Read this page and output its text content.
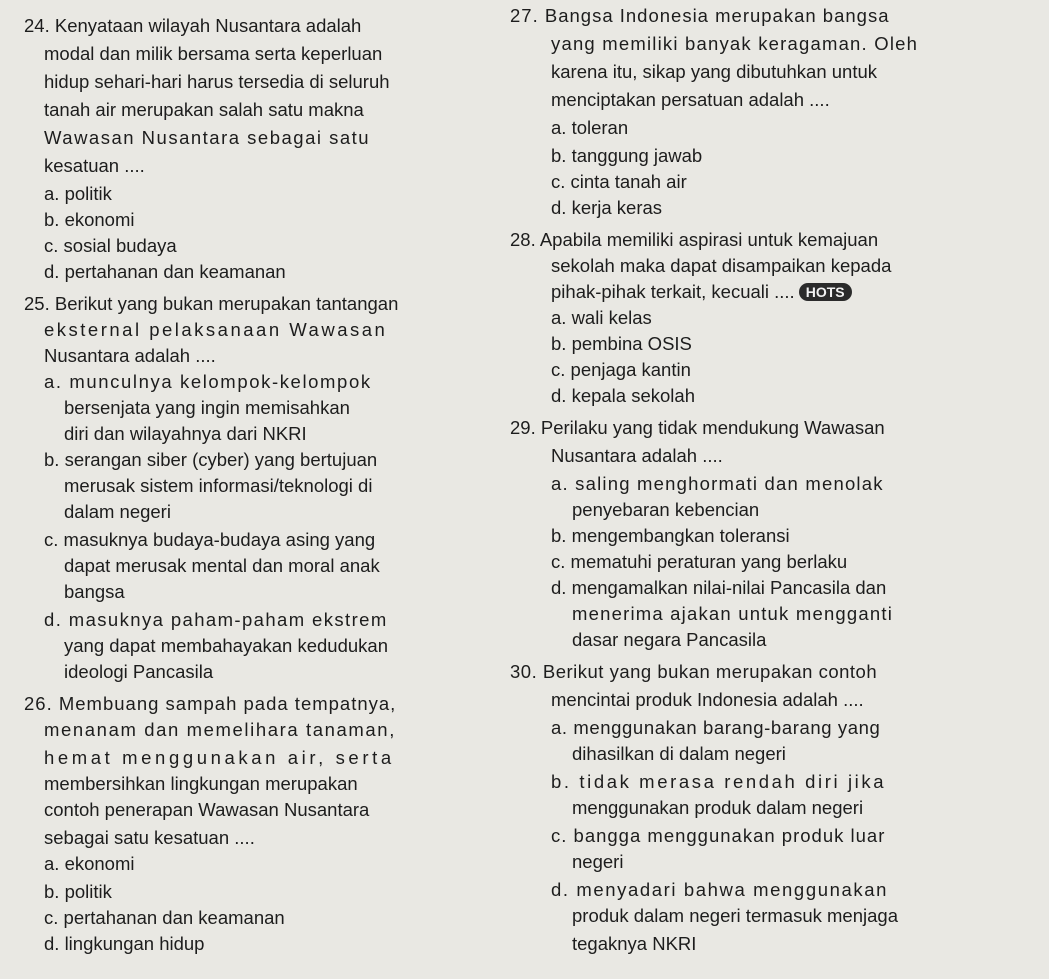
24. Kenyataan wilayah Nusantara adalah
modal dan milik bersama serta keperluan
hidup sehari-hari harus tersedia di seluruh
tanah air merupakan salah satu makna
Wawasan Nusantara sebagai satu
kesatuan ....
a. politik
b. ekonomi
c. sosial budaya
d. pertahanan dan keamanan
25. Berikut yang bukan merupakan tantangan
eksternal pelaksanaan Wawasan
Nusantara adalah ....
a. munculnya kelompok-kelompok
bersenjata yang ingin memisahkan
diri dan wilayahnya dari NKRI
b. serangan siber (cyber) yang bertujuan
merusak sistem informasi/teknologi di
dalam negeri
c. masuknya budaya-budaya asing yang
dapat merusak mental dan moral anak
bangsa
d. masuknya paham-paham ekstrem
yang dapat membahayakan kedudukan
ideologi Pancasila
26. Membuang sampah pada tempatnya,
menanam dan memelihara tanaman,
hemat menggunakan air, serta
membersihkan lingkungan merupakan
contoh penerapan Wawasan Nusantara
sebagai satu kesatuan ....
a. ekonomi
b. politik
c. pertahanan dan keamanan
d. lingkungan hidup
27. Bangsa Indonesia merupakan bangsa
yang memiliki banyak keragaman. Oleh
karena itu, sikap yang dibutuhkan untuk
menciptakan persatuan adalah ....
a. toleran
b. tanggung jawab
c. cinta tanah air
d. kerja keras
28. Apabila memiliki aspirasi untuk kemajuan
sekolah maka dapat disampaikan kepada
pihak-pihak terkait, kecuali .... HOTS
a. wali kelas
b. pembina OSIS
c. penjaga kantin
d. kepala sekolah
29. Perilaku yang tidak mendukung Wawasan
Nusantara adalah ....
a. saling menghormati dan menolak
penyebaran kebencian
b. mengembangkan toleransi
c. mematuhi peraturan yang berlaku
d. mengamalkan nilai-nilai Pancasila dan
menerima ajakan untuk mengganti
dasar negara Pancasila
30. Berikut yang bukan merupakan contoh
mencintai produk Indonesia adalah ....
a. menggunakan barang-barang yang
dihasilkan di dalam negeri
b. tidak merasa rendah diri jika
menggunakan produk dalam negeri
c. bangga menggunakan produk luar
negeri
d. menyadari bahwa menggunakan
produk dalam negeri termasuk menjaga
tegaknya NKRI
